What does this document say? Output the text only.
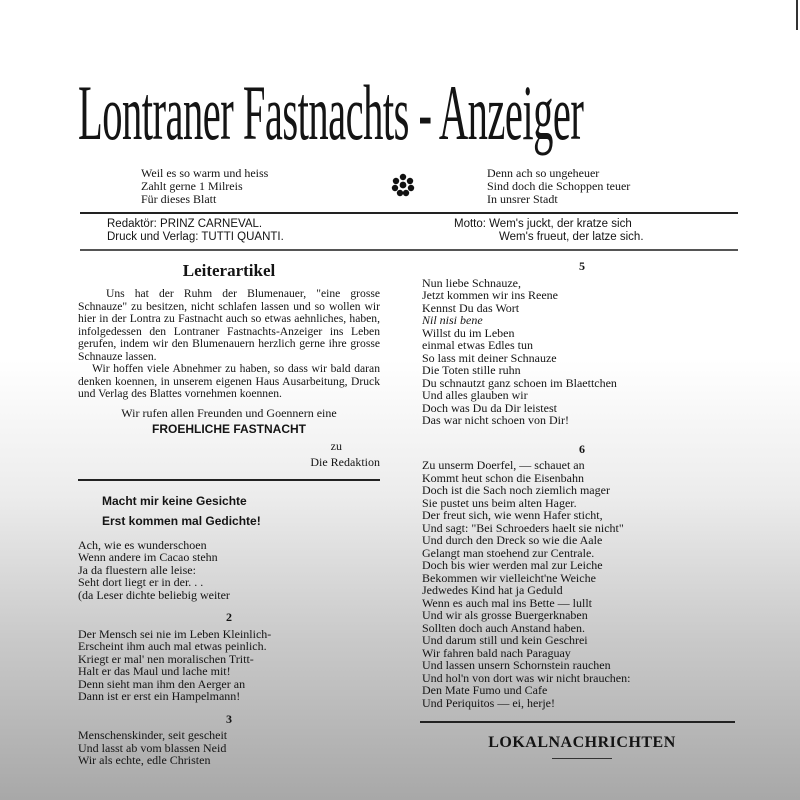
Lontraner Fastnachts - Anzeiger
Weil es so warm und heiss
Zahlt gerne 1 Milreis
Für dieses Blatt
Denn ach so ungeheuer
Sind doch die Schoppen teuer
In unsrer Stadt
Redaktör: PRINZ CARNEVAL.
Druck und Verlag: TUTTI QUANTI.
Motto: Wem's juckt, der kratze sich
Wem's frueut, der latze sich.
Leiterartikel

Uns hat der Ruhm der Blumenauer, "eine grosse Schnauze" zu besitzen, nicht schlafen lassen und so wollen wir hier in der Lontra zu Fastnacht auch so etwas aehnliches, haben, infolgedessen den Lontraner Fastnachts-Anzeiger ins Leben gerufen, indem wir den Blumenauern herzlich gerne ihre grosse Schnauze lassen.

Wir hoffen viele Abnehmer zu haben, so dass wir bald daran denken koennen, in unserem eigenen Haus Ausarbeitung, Druck und Verlag des Blattes vornehmen koennen.

Wir rufen allen Freunden und Goennern eine
FROEHLICHE FASTNACHT
zu
Die Redaktion
Macht mir keine Gesichte
Erst kommen mal Gedichte!
Ach, wie es wunderschoen
Wenn andere im Cacao stehn
Ja da fluestern alle leise:
Seht dort liegt er in der. . .
(da Leser dichte beliebig weiter
2
Der Mensch sei nie im Leben Kleinlich-
Erscheint ihm auch mal etwas peinlich.
Kriegt er mal' nen moralischen Tritt-
Halt er das Maul und lache mit!
Denn sieht man ihm den Aerger an
Dann ist er erst ein Hampelmann!
3
Menschenskinder, seit gescheit
Und lasst ab vom blassen Neid
Wir als echte, edle Christen
5
Nun liebe Schnauze,
Jetzt kommen wir ins Reene
Kennst Du das Wort
Nil nisi bene
Willst du im Leben
einmal etwas Edles tun
So lass mit deiner Schnauze
Die Toten stille ruhn
Du schnautzt ganz schoen im Blaettchen
Und alles glauben wir
Doch was Du da Dir leistest
Das war nicht schoen von Dir!
6
Zu unserm Doerfel, — schauet an
Kommt heut schon die Eisenbahn
Doch ist die Sach noch ziemlich mager
Sie pustet uns beim alten Hager.
Der freut sich, wie wenn Hafer sticht,
Und sagt: "Bei Schroeders haelt sie nicht"
Und durch den Dreck so wie die Aale
Gelangt man stoehend zur Centrale.
Doch bis wier werden mal zur Leiche
Bekommen wir vielleicht'ne Weiche
Jedwedes Kind hat ja Geduld
Wenn es auch mal ins Bette — lullt
Und wir als grosse Buergerknaben
Sollten doch auch Anstand haben.
Und darum still und kein Geschrei
Wir fahren bald nach Paraguay
Und lassen unsern Schornstein rauchen
Und hol'n von dort was wir nicht brauchen:
Den Mate Fumo und Cafe
Und Periquitos — ei, herje!
LOKALNACHRICHTEN
